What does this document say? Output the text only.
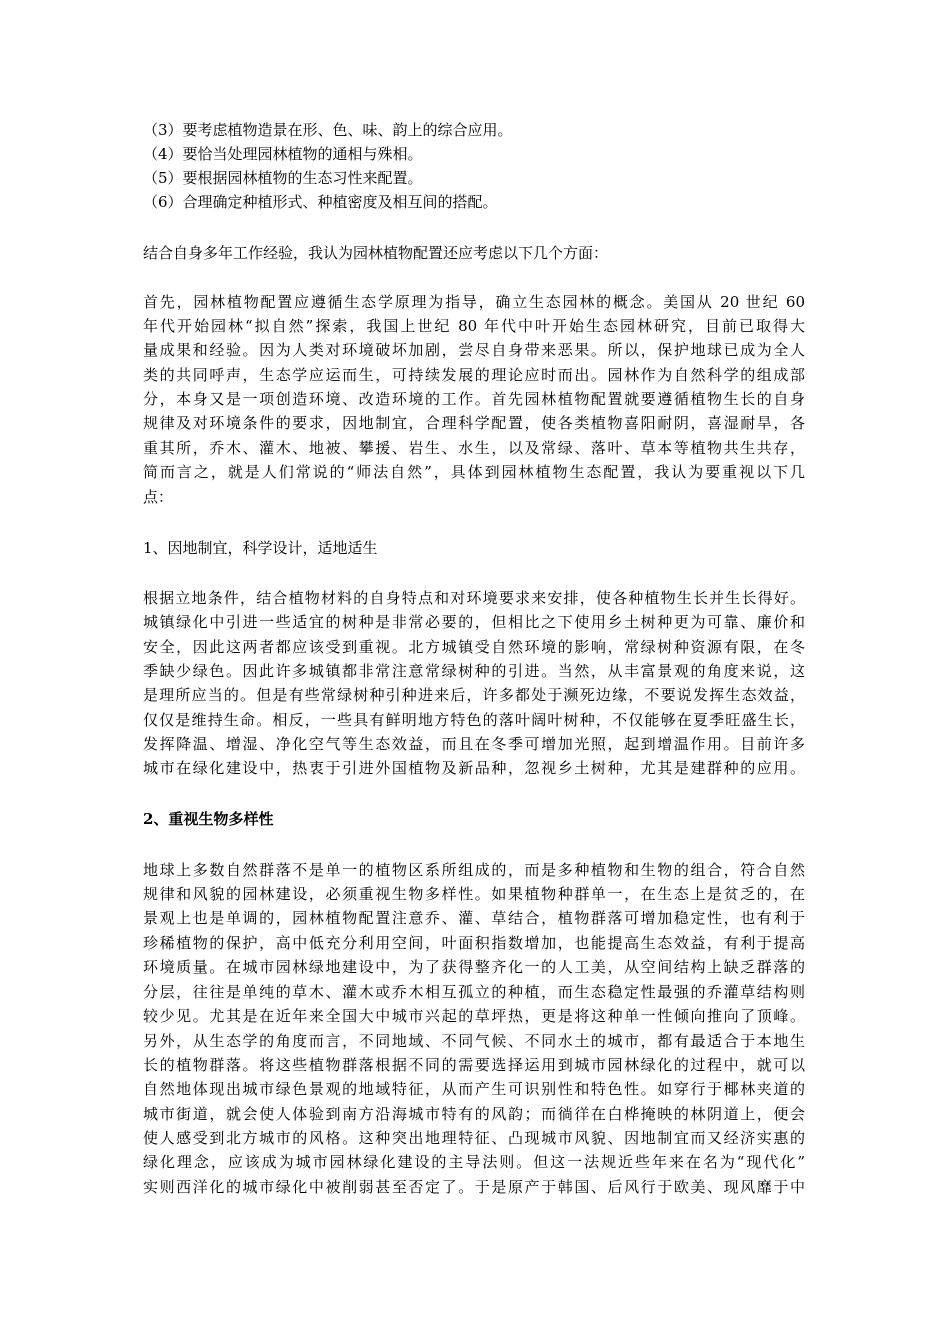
（3）要考虑植物造景在形、色、味、韵上的综合应用。
（4）要恰当处理园林植物的通相与殊相。
（5）要根据园林植物的生态习性来配置。
（6）合理确定种植形式、种植密度及相互间的搭配。
结合自身多年工作经验，我认为园林植物配置还应考虑以下几个方面：
首先，园林植物配置应遵循生态学原理为指导，确立生态园林的概念。美国从 20 世纪 60
年代开始园林“拟自然”探索，我国上世纪 80 年代中叶开始生态园林研究，目前已取得大
量成果和经验。因为人类对环境破坏加剧，尝尽自身带来恶果。所以，保护地球已成为全人
类的共同呼声，生态学应运而生，可持续发展的理论应时而出。园林作为自然科学的组成部
分，本身又是一项创造环境、改造环境的工作。首先园林植物配置就要遵循植物生长的自身
规律及对环境条件的要求，因地制宜，合理科学配置，使各类植物喜阳耐阴，喜湿耐旱，各
重其所，乔木、灌木、地被、攀援、岩生、水生，以及常绿、落叶、草本等植物共生共存，
简而言之，就是人们常说的“师法自然”，具体到园林植物生态配置，我认为要重视以下几
点：
1、因地制宜，科学设计，适地适生
根据立地条件，结合植物材料的自身特点和对环境要求来安排，使各种植物生长并生长得好。
城镇绿化中引进一些适宜的树种是非常必要的，但相比之下使用乡土树种更为可靠、廉价和
安全，因此这两者都应该受到重视。北方城镇受自然环境的影响，常绿树种资源有限，在冬
季缺少绿色。因此许多城镇都非常注意常绿树种的引进。当然，从丰富景观的角度来说，这
是理所应当的。但是有些常绿树种引种进来后，许多都处于濒死边缘，不要说发挥生态效益，
仅仅是维持生命。相反，一些具有鲜明地方特色的落叶阔叶树种，不仅能够在夏季旺盛生长，
发挥降温、增湿、净化空气等生态效益，而且在冬季可增加光照，起到增温作用。目前许多
城市在绿化建设中，热衷于引进外国植物及新品种，忽视乡土树种，尤其是建群种的应用。
2、重视生物多样性
地球上多数自然群落不是单一的植物区系所组成的，而是多种植物和生物的组合，符合自然
规律和风貌的园林建设，必须重视生物多样性。如果植物种群单一，在生态上是贫乏的，在
景观上也是单调的，园林植物配置注意乔、灌、草结合，植物群落可增加稳定性，也有利于
珍稀植物的保护，高中低充分利用空间，叶面积指数增加，也能提高生态效益，有利于提高
环境质量。在城市园林绿地建设中，为了获得整齐化一的人工美，从空间结构上缺乏群落的
分层，往往是单纯的草木、灌木或乔木相互孤立的种植，而生态稳定性最强的乔灌草结构则
较少见。尤其是在近年来全国大中城市兴起的草坪热，更是将这种单一性倾向推向了顶峰。
另外，从生态学的角度而言，不同地域、不同气候、不同水土的城市，都有最适合于本地生
长的植物群落。将这些植物群落根据不同的需要选择运用到城市园林绿化的过程中，就可以
自然地体现出城市绿色景观的地域特征，从而产生可识别性和特色性。如穿行于椰林夹道的
城市街道，就会使人体验到南方沿海城市特有的风韵；而徜徉在白桦掩映的林阴道上，便会
使人感受到北方城市的风格。这种突出地理特征、凸现城市风貌、因地制宜而又经济实惠的
绿化理念，应该成为城市园林绿化建设的主导法则。但这一法规近些年来在名为“现代化”
实则西洋化的城市绿化中被削弱甚至否定了。于是原产于韩国、后风行于欧美、现风靡于中
